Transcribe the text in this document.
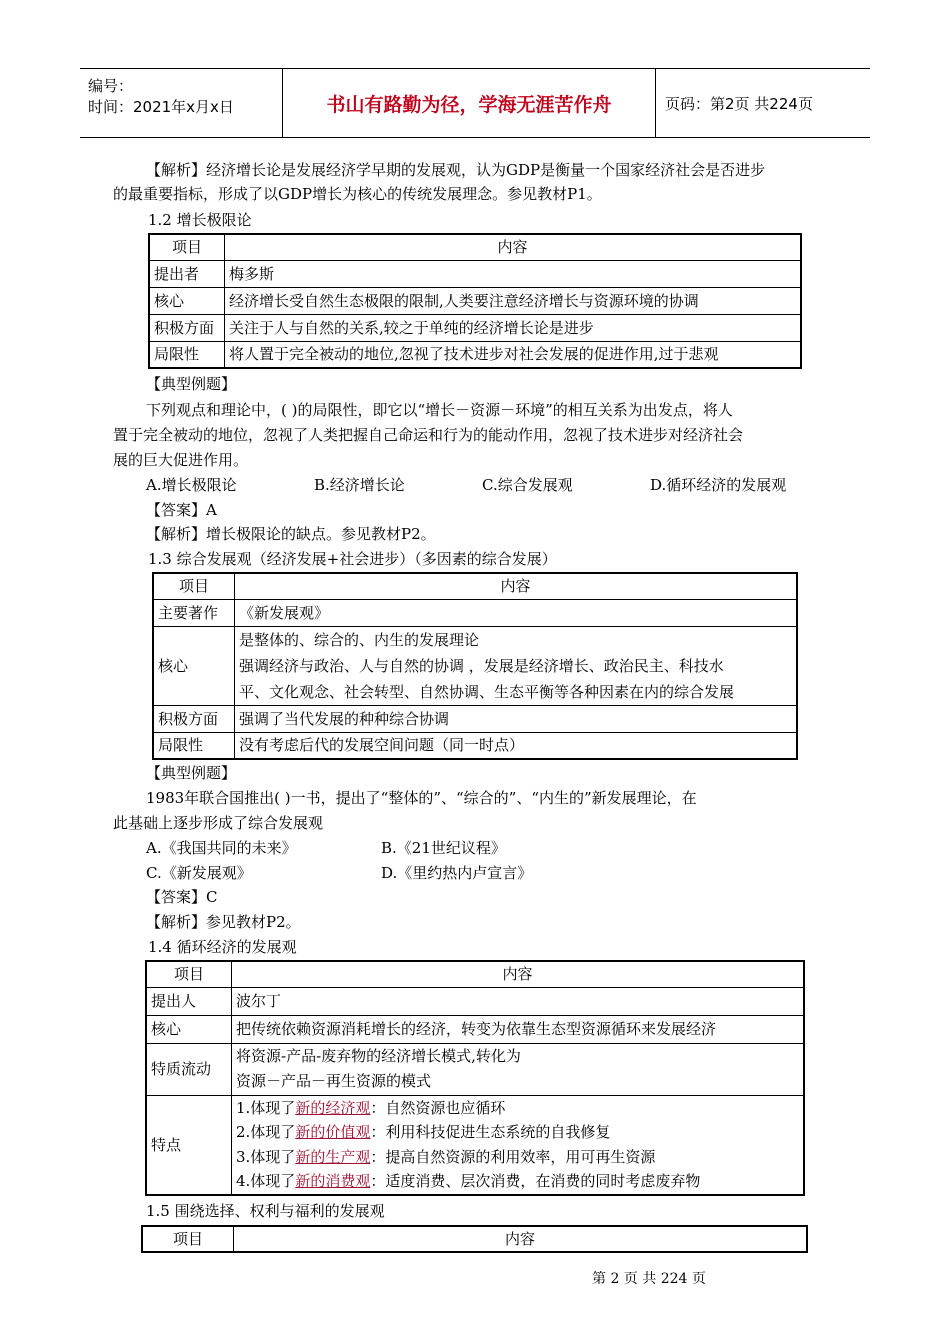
编号：
时间：2021年x月x日	书山有路勤为径，学海无涯苦作舟	页码：第2页 共224页
【解析】经济增长论是发展经济学早期的发展观，认为GDP是衡量一个国家经济社会是否进步
的最重要指标，形成了以GDP增长为核心的传统发展理念。参见教材P1。
1.2 增长极限论
项目	内容
提出者	梅多斯
核心	经济增长受自然生态极限的限制,人类要注意经济增长与资源环境的协调
积极方面	关注于人与自然的关系,较之于单纯的经济增长论是进步
局限性	将人置于完全被动的地位,忽视了技术进步对社会发展的促进作用,过于悲观
【典型例题】
下列观点和理论中，( )的局限性，即它以“增长－资源－环境”的相互关系为出发点，将人
置于完全被动的地位，忽视了人类把握自己命运和行为的能动作用，忽视了技术进步对经济社会
展的巨大促进作用。
A.增长极限论	B.经济增长论	C.综合发展观	D.循环经济的发展观
【答案】A
【解析】增长极限论的缺点。参见教材P2。
1.3 综合发展观（经济发展+社会进步）（多因素的综合发展）
项目	内容
主要著作	《新发展观》
核心	是整体的、综合的、内生的发展理论
强调经济与政治、人与自然的协调 ，发展是经济增长、政治民主、科技水
平、文化观念、社会转型、自然协调、生态平衡等各种因素在内的综合发展

积极方面	强调了当代发展的种种综合协调
局限性	没有考虑后代的发展空间问题（同一时点）
【典型例题】
1983年联合国推出( )一书，提出了“整体的”、“综合的”、“内生的”新发展理论，在
此基础上逐步形成了综合发展观
A.《我国共同的未来》	B.《21世纪议程》
C.《新发展观》	D.《里约热内卢宣言》
【答案】C
【解析】参见教材P2。
1.4 循环经济的发展观
项目	内容
提出人	波尔丁
核心	把传统依赖资源消耗增长的经济，转变为依靠生态型资源循环来发展经济
特质流动	将资源-产品-废弃物的经济增长模式,转化为
资源－产品－再生资源的模式

特点	1.体现了新的经济观：自然资源也应循环
2.体现了新的价值观：利用科技促进生态系统的自我修复
3.体现了新的生产观：提高自然资源的利用效率，用可再生资源
4.体现了新的消费观：适度消费、层次消费，在消费的同时考虑废弃物
1.5 围绕选择、权利与福利的发展观
项目	内容
第 2 页 共 224 页
